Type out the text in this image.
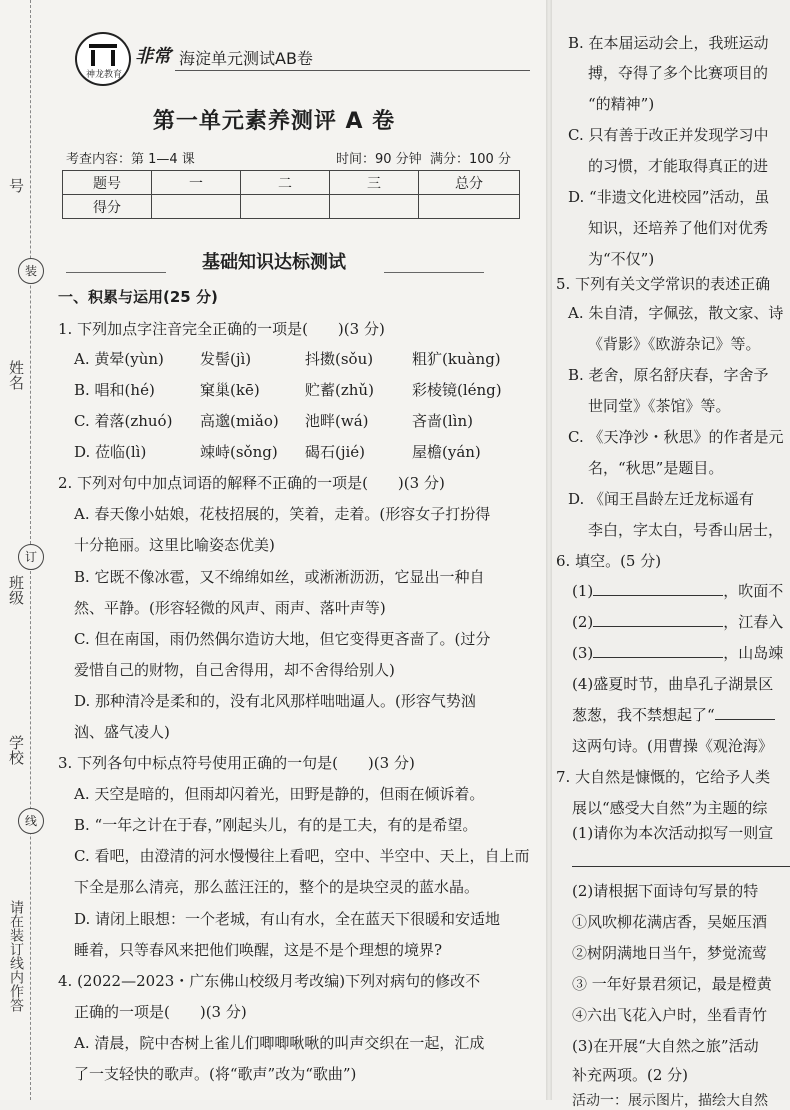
号
姓名
班级
学校
请在装订线内作答
装
订
线
神龙教育
非常 海淀单元测试AB卷
第一单元素养测评 A 卷
考查内容：第 1—4 课	时间：90 分钟 满分：100 分
题号	一	二	三	总分
得分				
基础知识达标测试
一、积累与运用(25 分)
1. 下列加点字注音完全正确的一项是(　　)(3 分)
A. 黄晕(yùn) 发髻(jì)	抖擞(sǒu)	粗犷(kuàng)
B. 唱和(hé)	窠巢(kē)	贮蓄(zhǔ)	彩棱镜(léng)
C. 着落(zhuó) 高邈(miǎo) 池畔(wá)	吝啬(lìn)
D. 莅临(lì)	竦峙(sǒng) 碣石(jié)	屋檐(yán)
2. 下列对句中加点词语的解释不正确的一项是(　　)(3 分)
A. 春天像小姑娘，花枝招展的，笑着，走着。(形容女子打扮得
十分艳丽。这里比喻姿态优美)
B. 它既不像冰雹，又不绵绵如丝，或淅淅沥沥，它显出一种自
然、平静。(形容轻微的风声、雨声、落叶声等)
C. 但在南国，雨仍然偶尔造访大地，但它变得更吝啬了。(过分
爱惜自己的财物，自己舍得用，却不舍得给别人)
D. 那种清冷是柔和的，没有北风那样咄咄逼人。(形容气势汹
汹、盛气凌人)
3. 下列各句中标点符号使用正确的一句是(　　)(3 分)
A. 天空是暗的，但雨却闪着光，田野是静的，但雨在倾诉着。
B. “一年之计在于春，”刚起头儿，有的是工夫，有的是希望。
C. 看吧，由澄清的河水慢慢往上看吧，空中、半空中、天上，自上而
下全是那么清亮，那么蓝汪汪的，整个的是块空灵的蓝水晶。
D. 请闭上眼想：一个老城，有山有水，全在蓝天下很暖和安适地
睡着，只等春风来把他们唤醒，这是不是个理想的境界?
4. (2022—2023・广东佛山校级月考改编)下列对病句的修改不
正确的一项是(　　)(3 分)
A. 清晨，院中杏树上雀儿们唧唧啾啾的叫声交织在一起，汇成
了一支轻快的歌声。(将“歌声”改为“歌曲”)
B. 在本届运动会上，我班运动
搏，夺得了多个比赛项目的
“的精神”)
C. 只有善于改正并发现学习中
的习惯，才能取得真正的进
D. “非遗文化进校园”活动，虽
知识，还培养了他们对优秀
为“不仅”)
5. 下列有关文学常识的表述正确
A. 朱自清，字佩弦，散文家、诗
《背影》《欧游杂记》等。
B. 老舍，原名舒庆春，字舍予
世同堂》《茶馆》等。
C. 《天净沙・秋思》的作者是元
名，“秋思”是题目。
D. 《闻王昌龄左迁龙标遥有
李白，字太白，号香山居士，
6. 填空。(5 分)
(1)	，吹面不
(2)	，江春入
(3)	，山岛竦
(4)盛夏时节，曲阜孔子湖景区
葱葱，我不禁想起了“
这两句诗。(用曹操《观沧海》
7. 大自然是慷慨的，它给予人类
展以“感受大自然”为主题的综
(1)请你为本次活动拟写一则宣
(2)请根据下面诗句写景的特
①风吹柳花满店香，吴姬压酒
②树阴满地日当午，梦觉流莺
③ 一年好景君须记，最是橙黄
④六出飞花入户时，坐看青竹
(3)在开展“大自然之旅”活动
补充两项。(2 分)
活动一：展示图片，描绘大自然
